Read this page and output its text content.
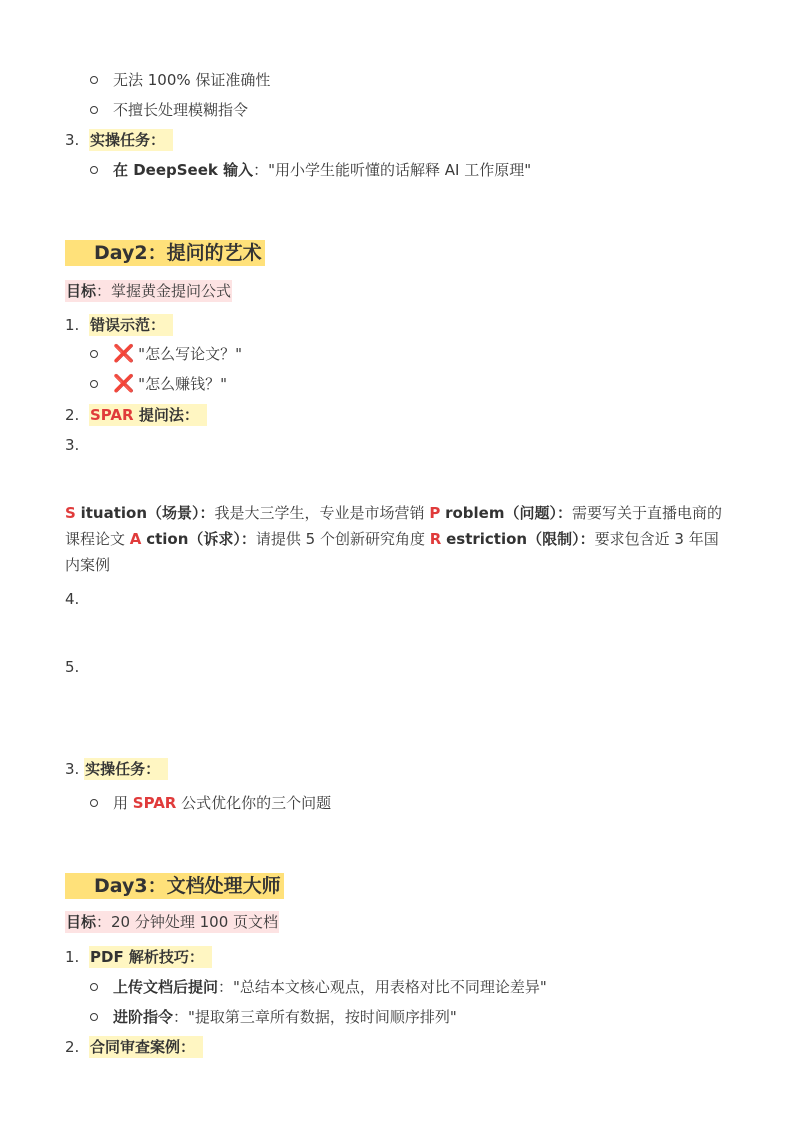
无法 100% 保证准确性
不擅长处理模糊指令
3. 实操任务：
在 DeepSeek 输入："用小学生能听懂的话解释 AI 工作原理"
Day2：提问的艺术
目标：掌握黄金提问公式
1. 错误示范：
❌ "怎么写论文？"
❌ "怎么赚钱？"
2. SPAR 提问法：
3.
S ituation（场景）：我是大三学生，专业是市场营销 P roblem（问题）：需要写关于直播电商的课程论文 A ction（诉求）：请提供 5 个创新研究角度 R estriction（限制）：要求包含近 3 年国内案例
4.
5.
3. 实操任务：
用 SPAR 公式优化你的三个问题
Day3：文档处理大师
目标：20 分钟处理 100 页文档
1. PDF 解析技巧：
上传文档后提问："总结本文核心观点，用表格对比不同理论差异"
进阶指令："提取第三章所有数据，按时间顺序排列"
2. 合同审查案例：
